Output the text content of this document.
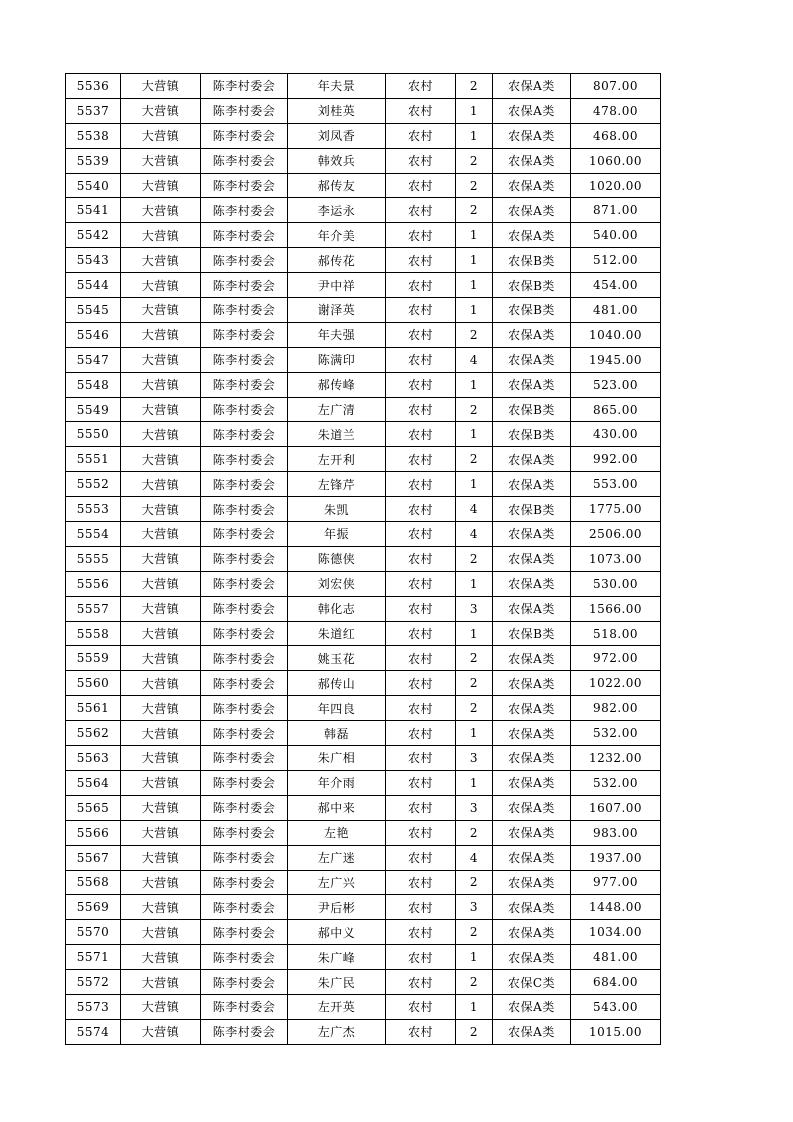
5536	大营镇	陈李村委会	年夫景	农村	2	农保A类	807.00
5537	大营镇	陈李村委会	刘桂英	农村	1	农保A类	478.00
5538	大营镇	陈李村委会	刘凤香	农村	1	农保A类	468.00
5539	大营镇	陈李村委会	韩效兵	农村	2	农保A类	1060.00
5540	大营镇	陈李村委会	郝传友	农村	2	农保A类	1020.00
5541	大营镇	陈李村委会	李运永	农村	2	农保A类	871.00
5542	大营镇	陈李村委会	年介美	农村	1	农保A类	540.00
5543	大营镇	陈李村委会	郝传花	农村	1	农保B类	512.00
5544	大营镇	陈李村委会	尹中祥	农村	1	农保B类	454.00
5545	大营镇	陈李村委会	谢泽英	农村	1	农保B类	481.00
5546	大营镇	陈李村委会	年夫强	农村	2	农保A类	1040.00
5547	大营镇	陈李村委会	陈满印	农村	4	农保A类	1945.00
5548	大营镇	陈李村委会	郝传峰	农村	1	农保A类	523.00
5549	大营镇	陈李村委会	左广清	农村	2	农保B类	865.00
5550	大营镇	陈李村委会	朱道兰	农村	1	农保B类	430.00
5551	大营镇	陈李村委会	左开利	农村	2	农保A类	992.00
5552	大营镇	陈李村委会	左锋芹	农村	1	农保A类	553.00
5553	大营镇	陈李村委会	朱凯	农村	4	农保B类	1775.00
5554	大营镇	陈李村委会	年振	农村	4	农保A类	2506.00
5555	大营镇	陈李村委会	陈德侠	农村	2	农保A类	1073.00
5556	大营镇	陈李村委会	刘宏侠	农村	1	农保A类	530.00
5557	大营镇	陈李村委会	韩化志	农村	3	农保A类	1566.00
5558	大营镇	陈李村委会	朱道红	农村	1	农保B类	518.00
5559	大营镇	陈李村委会	姚玉花	农村	2	农保A类	972.00
5560	大营镇	陈李村委会	郝传山	农村	2	农保A类	1022.00
5561	大营镇	陈李村委会	年四良	农村	2	农保A类	982.00
5562	大营镇	陈李村委会	韩磊	农村	1	农保A类	532.00
5563	大营镇	陈李村委会	朱广相	农村	3	农保A类	1232.00
5564	大营镇	陈李村委会	年介雨	农村	1	农保A类	532.00
5565	大营镇	陈李村委会	郝中来	农村	3	农保A类	1607.00
5566	大营镇	陈李村委会	左艳	农村	2	农保A类	983.00
5567	大营镇	陈李村委会	左广迷	农村	4	农保A类	1937.00
5568	大营镇	陈李村委会	左广兴	农村	2	农保A类	977.00
5569	大营镇	陈李村委会	尹后彬	农村	3	农保A类	1448.00
5570	大营镇	陈李村委会	郝中义	农村	2	农保A类	1034.00
5571	大营镇	陈李村委会	朱广峰	农村	1	农保A类	481.00
5572	大营镇	陈李村委会	朱广民	农村	2	农保C类	684.00
5573	大营镇	陈李村委会	左开英	农村	1	农保A类	543.00
5574	大营镇	陈李村委会	左广杰	农村	2	农保A类	1015.00
